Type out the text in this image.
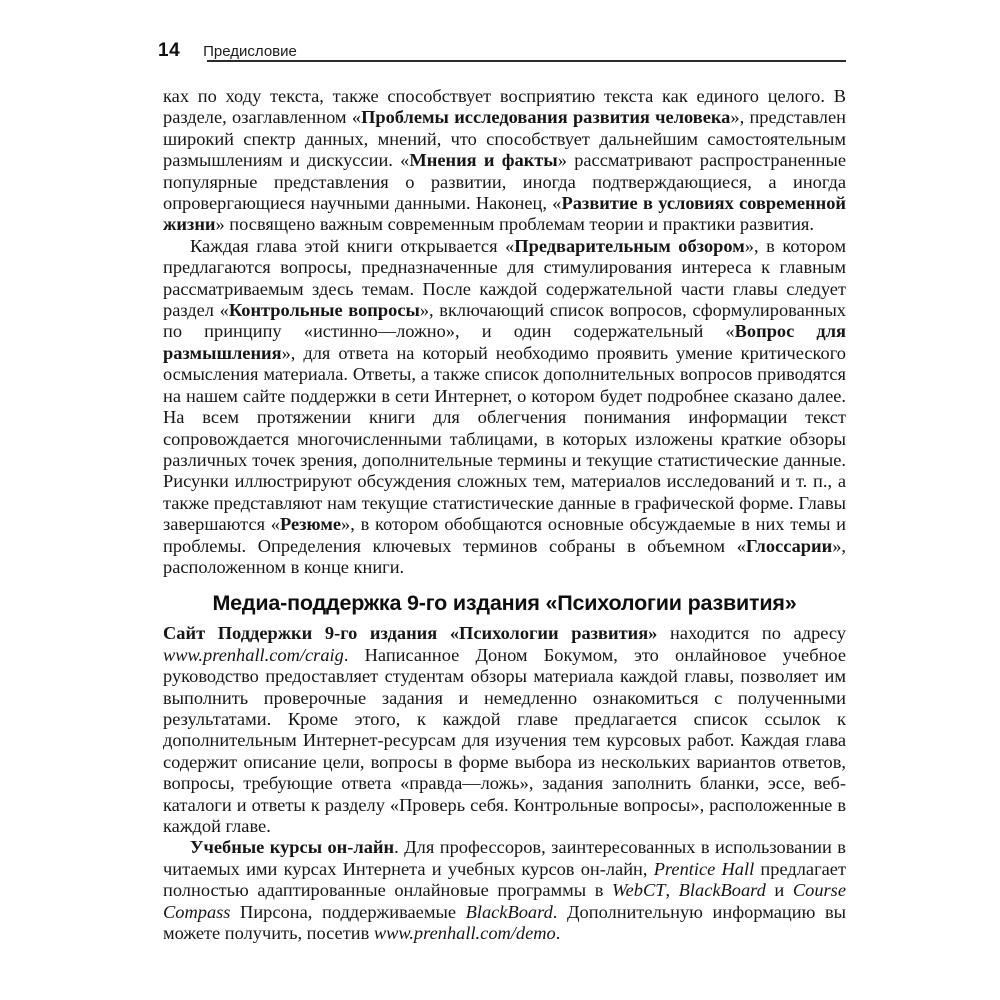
14 Предисловие

ках по ходу текста, также способствует восприятию текста как единого целого. В разделе, озаглавленном «Проблемы исследования развития человека», представлен широкий спектр данных, мнений, что способствует дальнейшим самостоятельным размышлениям и дискуссии. «Мнения и факты» рассматривают распространенные популярные представления о развитии, иногда подтверждающиеся, а иногда опровергающиеся научными данными. Наконец, «Развитие в условиях современной жизни» посвящено важным современным проблемам теории и практики развития.

Каждая глава этой книги открывается «Предварительным обзором», в котором предлагаются вопросы, предназначенные для стимулирования интереса к главным рассматриваемым здесь темам. После каждой содержательной части главы следует раздел «Контрольные вопросы», включающий список вопросов, сформулированных по принципу «истинно—ложно», и один содержательный «Вопрос для размышления», для ответа на который необходимо проявить умение критического осмысления материала. Ответы, а также список дополнительных вопросов приводятся на нашем сайте поддержки в сети Интернет, о котором будет подробнее сказано далее. На всем протяжении книги для облегчения понимания информации текст сопровождается многочисленными таблицами, в которых изложены краткие обзоры различных точек зрения, дополнительные термины и текущие статистические данные. Рисунки иллюстрируют обсуждения сложных тем, материалов исследований и т. п., а также представляют нам текущие статистические данные в графической форме. Главы завершаются «Резюме», в котором обобщаются основные обсуждаемые в них темы и проблемы. Определения ключевых терминов собраны в объемном «Глоссарии», расположенном в конце книги.

Медиа-поддержка 9-го издания «Психологии развития»

Сайт Поддержки 9-го издания «Психологии развития» находится по адресу www.prenhall.com/craig. Написанное Доном Бокумом, это онлайновое учебное руководство предоставляет студентам обзоры материала каждой главы, позволяет им выполнить проверочные задания и немедленно ознакомиться с полученными результатами. Кроме этого, к каждой главе предлагается список ссылок к дополнительным Интернет-ресурсам для изучения тем курсовых работ. Каждая глава содержит описание цели, вопросы в форме выбора из нескольких вариантов ответов, вопросы, требующие ответа «правда—ложь», задания заполнить бланки, эссе, веб-каталоги и ответы к разделу «Проверь себя. Контрольные вопросы», расположенные в каждой главе.

Учебные курсы он-лайн. Для профессоров, заинтересованных в использовании в читаемых ими курсах Интернета и учебных курсов он-лайн, Prentice Hall предлагает полностью адаптированные онлайновые программы в WebCT, BlackBoard и Course Compass Пирсона, поддерживаемые BlackBoard. Дополнительную информацию вы можете получить, посетив www.prenhall.com/demo.
